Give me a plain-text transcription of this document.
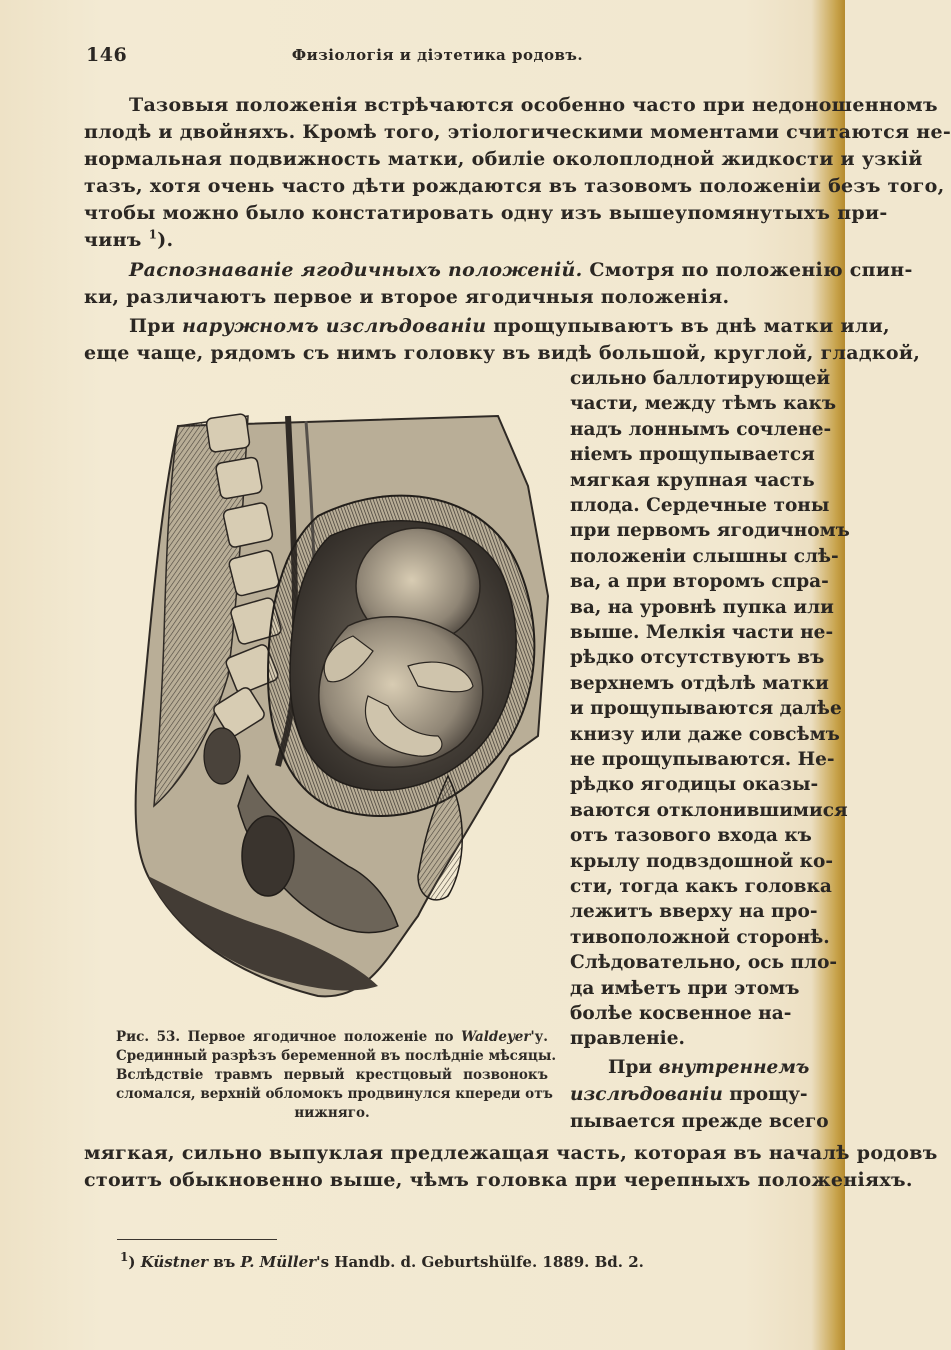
146	Физіологія и діэтетика родовъ.
Тазовыя положенія встрѣчаются особенно часто при недоношенномъ
плодѣ и двойняхъ. Кромѣ того, этіологическими моментами считаются не-
нормальная подвижность матки, обиліе околоплодной жидкости и узкій
тазъ, хотя очень часто дѣти рождаются въ тазовомъ положеніи безъ того,
чтобы можно было констатировать одну изъ вышеупомянутыхъ при-
чинъ $^1$).
Распознаваніе ягодичныхъ положеній. Смотря по положенію спин-
ки, различаютъ первое и второе ягодичныя положенія.
При наружномъ изслѣдованіи прощупываютъ въ днѣ матки или,
еще чаще, рядомъ съ нимъ головку въ видѣ большой, круглой, гладкой,
сильно баллотирующей
части, между тѣмъ какъ
надъ лоннымъ сочлене-
ніемъ прощупывается
мягкая крупная часть
плода. Сердечные тоны
при первомъ ягодичномъ
положеніи слышны слѣ-
ва, а при второмъ спра-
ва, на уровнѣ пупка или
выше. Мелкія части не-
рѣдко отсутствуютъ въ
верхнемъ отдѣлѣ матки
и прощупываются далѣе
книзу или даже совсѣмъ
не прощупываются. Не-
рѣдко ягодицы оказы-
ваются отклонившимися
отъ тазового входа къ
крылу подвздошной ко-
сти, тогда какъ головка
лежитъ вверху на про-
тивоположной сторонѣ.
Слѣдовательно, ось пло-
да имѣетъ при этомъ
болѣе косвенное на-
правленіе.
При внутреннемъ
изслѣдованіи прощу-
пывается прежде всего
мягкая, сильно выпуклая предлежащая часть, которая въ началѣ родовъ
стоитъ обыкновенно выше, чѣмъ головка при черепныхъ положеніяхъ.
Рис. 53. Первое ягодичное положеніе по Waldeyer'у.
Срединный разрѣзъ беременной въ послѣдніе мѣсяцы.
Вслѣдствіе травмъ первый крестцовый позвонокъ
сломался, верхній обломокъ продвинулся кпереди отъ
нижняго.
$^1$) Küstner въ P. Müller's Handb. d. Geburtshülfe. 1889. Bd. 2.
